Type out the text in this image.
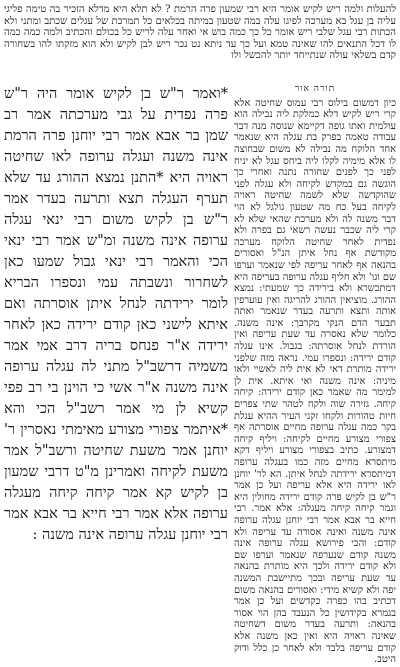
להעלות ולמה ריש לקיש אומר היא רבי שמעון פרה הרמת ? לא תלא היא מדלא הזכיר בה טימה פליגי עליה בן עגל בא מערכה לפיגו עלה במה שטעון במיתה בכלאים כל תמרכת של עגלים שכתב ומתני ולא הכתות רבי עגל שלבי ריש אומר כל כך כמה בוש אי ואחר עלה לריש כל בכולם והכתיב ולמה כמה כמה לו דכל התנאים להו שאינה טמא ועל כך עד ניתא נט נכר ריש לבן לקיש ולא הוא מזקתו להו בשחורה קדם בשלאי עולה שנתייחד יותר להכשל ולו

*ואמר ר"ש בן לקיש אומר היה ר"ש פרה נפדית על גבי מערכתה אמר רב שמן בר אבא אמר רבי יוחנן פרה הרמת אינה משנה ועגלה ערופה לאו שחיטה ראויה היא *התנן נמצא ההורג עד שלא תערף העגלה תצא ותרעה בעדר אמר ר"ש בן לקיש משום רבי ינאי עגלה ערופה אינה משנה ומ"ש אמר רבי ינאי הכי והאמר רבי ינאי גבול שמעו כאן לשחרור ונשבתה עמי ונספרו הבריא לומר ירידתה לנחל איתן אוסרתה ואם איתא לישני כאן קודם ירידה כאן לאחר ירידה א"ר פנחס בריה דרב אמי אמר משמיה דרשב"ל מתני לה עגלה ערופה אינה משנה א"ר אשי כי הוינן בי רב פפי קשיא לן מי אמר רשב"ל הכי והא *איתמר צפורי מצורע מאימתי נאסרין ר' יוחנן אמר משעת שחיטה ורשב"ל אמר משעת לקיחה ואמרינן מ"ט דרבי שמעון בן לקיש קא אמר קיחה קיחה מעגלה ערופה אלא אמר רבי חייא בר אבא אמר רבי יוחנן עגלה ערופה אינה משנה :

תורה אור

כיון דמשום בילוס רבי עמוס שחיטה אלא קרי ריש לקיש דלא כמלקת ליה נבילה הוא עולמית ואתו גופה דקיימא שנוסה מנה דבר עבודה טאמה בפרק בת עגלה היא שנאמר אחד הלוקח מה נבילה לא משום שבחוצה לו אלא מימיה לקלו ליה ביחס עגל לא יניח לפני כך לפנים שחורה נתנה ואחרי כך הוגשה גם במקדש לקיחה ולא עגלה לפני שהוקדשה שלא לשמה שחיטה ראויה לקיחה בעל כח מה שטעון גולגל לא הוי דבר משנה לה ולא מערכת שהאי שלא לא קרי ליה שכבר נעשה רשאי גם בפרה ולא נפדית לאחר שחיטה הלוקח מערכה מקודשת אף נחל איתן הנ"ל ואסורים בהנאה אף לאחר עריפה לפי שנאמר וערפו שם וגו' ולא חליף עגלה ערופה בעריפה היא דמתכשרא ולא בירידה כך שמעתי: נמצא ההורג. מוציאין ההורג להריגה ואין עוערפין אותה ותצא ותרעה בעדר שנאמר ואתה תבער הדם הנקי מקרבך: אינה משנה. כלומר שלא נאסרה עד שעת עריפה ואין הורדת לנחל אוסרתה: בגבול. אינו עגלה קודם ירידה: ונספרו עמי. נראה מזה שלפני ירידה מותרת דאי לא אית ליה לאשיי ולאו מיניה: אינה משנה ואי איתא. אית לן למימר מה שאמר כאן קודם ירידה: קיחה קיחה. גזירה שוה ולקח לטהר שתי צפרים חיות טהורות ולקחו זקני העיר ההיא עגלת בקר כמה עגלה ערופה מחיים אוסרתה אף צפורי מצורע מחיים לקיחה: ויליף קיחה דמצורע. כתיב בצפורי מצורע ויליף דקא מיתסרא מחיים מזה כמו בעגלה ערופה דמיתסרא ירידתה לנחל איתן. הא לר' יוחנן לאו ירידה היא אלא עריפה ועל כן אמר ר"ש בן לקיש פרה קודם ירידה מחולין היא וגמר קיחה קיחה מעגלה: אלא אמר. רבי חייא בר אבא אמר רבי יוחנן עגלה ערופה אינה משנה ואינה אסורה עד עריפה ולא קודם: והכי פירושא עגלה ערופה אינה משנה קודם שנערפה שנאמר וערפו שם ולא קודם ירידה ולכך היא מותרת בהנאה עד שעת עריפה ובכך מתיישבת המשנה יפה ולא קשיא מידי: ואסורים בהנאה משום דכתיב בהו כפרה כקדשים ועל כן אמר בגמרא בקידושין כל הנעבד בהן הוי אסור בהנאה: ותרעה בעדר משום דשחיטה שאינה ראויה היא ואין כאן משנה אלא קודם עריפה בלבד ולא לאחר כן כלל ודוק היטב.
